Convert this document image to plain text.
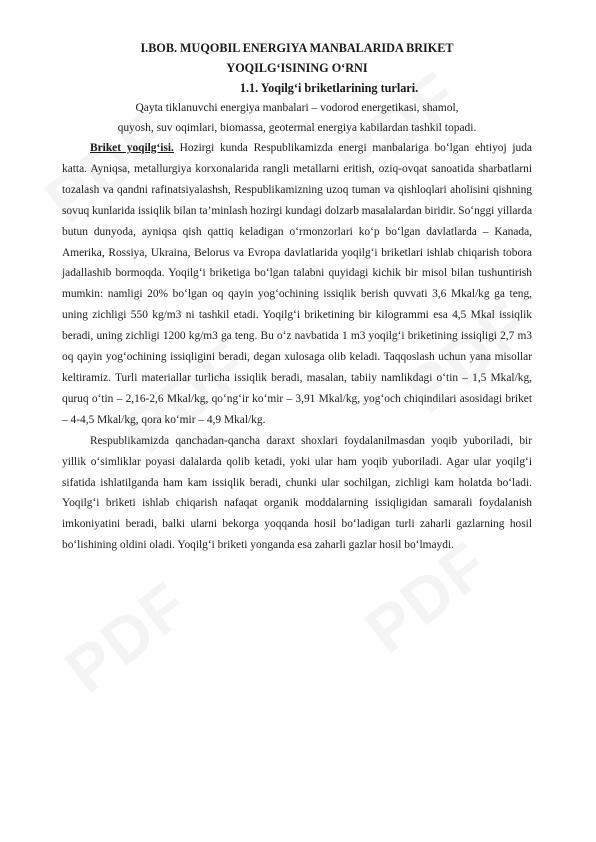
I.BOB. MUQOBIL ENERGIYA MANBALARIDA BRIKET
YOQILG‘ISINING O‘RNI
1.1. Yoqilg‘i briketlarining turlari.

Qayta tiklanuvchi energiya manbalari – vodorod energetikasi, shamol,
quyosh, suv oqimlari, biomassa, geotermal energiya kabilardan tashkil topadi.

Briket yoqilg‘isi. Hozirgi kunda Respublikamizda energi manbalariga bo‘lgan ehtiyoj juda katta. Ayniqsa, metallurgiya korxonalarida rangli metallarni eritish, oziq-ovqat sanoatida sharbatlarni tozalash va qandni rafinatsiyalashsh, Respublikamizning uzoq tuman va qishloqlari aholisini qishning sovuq kunlarida issiqlik bilan ta’minlash hozirgi kundagi dolzarb masalalardan biridir. So‘nggi yillarda butun dunyoda, ayniqsa qish qattiq keladigan o‘rmonzorlari ko‘p bo‘lgan davlatlarda – Kanada, Amerika, Rossiya, Ukraina, Belorus va Evropa davlatlarida yoqilg‘i briketlari ishlab chiqarish tobora jadallashib bormoqda. Yoqilg‘i briketiga bo‘lgan talabni quyidagi kichik bir misol bilan tushuntirish mumkin: namligi 20% bo‘lgan oq qayin yog‘ochining issiqlik berish quvvati 3,6 Mkal/kg ga teng, uning zichligi 550 kg/m3 ni tashkil etadi. Yoqilg‘i briketining bir kilogrammi esa 4,5 Mkal issiqlik beradi, uning zichligi 1200 kg/m3 ga teng. Bu o‘z navbatida 1 m3 yoqilg‘i briketining issiqligi 2,7 m3 oq qayin yog‘ochining issiqligini beradi, degan xulosaga olib keladi. Taqqoslash uchun yana misollar keltiramiz. Turli materiallar turlicha issiqlik beradi, masalan, tabiiy namlikdagi o‘tin – 1,5 Mkal/kg, quruq o‘tin – 2,16-2,6 Mkal/kg, qo‘ng‘ir ko‘mir – 3,91 Mkal/kg, yog‘och chiqindilari asosidagi briket – 4-4,5 Mkal/kg, qora ko‘mir – 4,9 Mkal/kg.

Respublikamizda qanchadan-qancha daraxt shoxlari foydalanilmasdan yoqib yuboriladi, bir yillik o‘simliklar poyasi dalalarda qolib ketadi, yoki ular ham yoqib yuboriladi. Agar ular yoqilg‘i sifatida ishlatilganda ham kam issiqlik beradi, chunki ular sochilgan, zichligi kam holatda bo‘ladi. Yoqilg‘i briketi ishlab chiqarish nafaqat organik moddalarning issiqligidan samarali foydalanish imkoniyatini beradi, balki ularni bekorga yoqqanda hosil bo‘ladigan turli zaharli gazlarning hosil bo‘lishining oldini oladi. Yoqilg‘i briketi yonganda esa zaharli gazlar hosil bo‘lmaydi.
